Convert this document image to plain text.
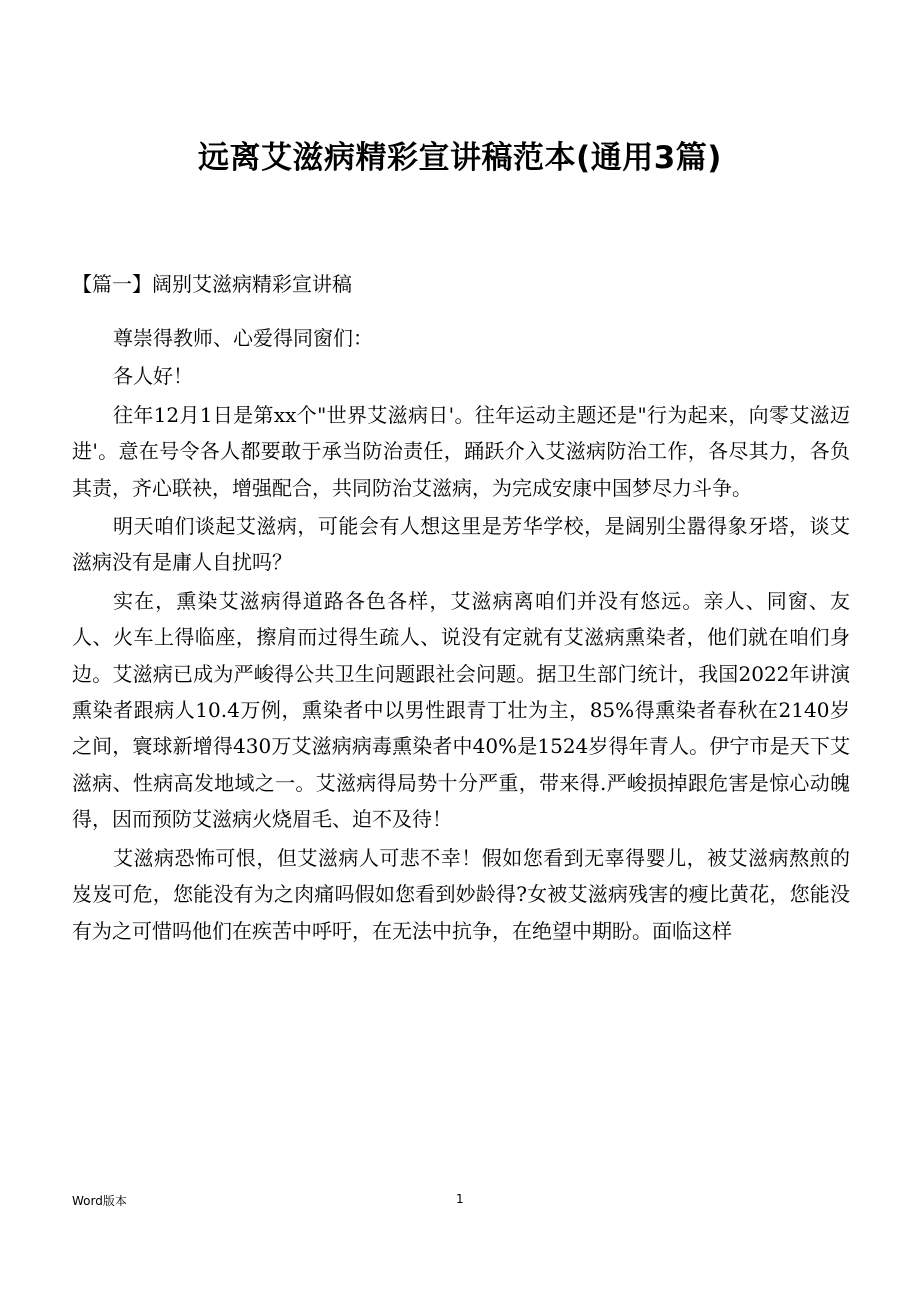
远离艾滋病精彩宣讲稿范本(通用3篇)
【篇一】阔别艾滋病精彩宣讲稿

尊崇得教师、心爱得同窗们：

各人好！

往年12月1日是第xx个"世界艾滋病日'。往年运动主题还是"行为起来，向零艾滋迈进'。意在号令各人都要敢于承当防治责任，踊跃介入艾滋病防治工作，各尽其力，各负其责，齐心联袂，增强配合，共同防治艾滋病，为完成安康中国梦尽力斗争。

明天咱们谈起艾滋病，可能会有人想这里是芳华学校，是阔别尘嚣得象牙塔，谈艾滋病没有是庸人自扰吗？

实在，熏染艾滋病得道路各色各样，艾滋病离咱们并没有悠远。亲人、同窗、友人、火车上得临座，擦肩而过得生疏人、说没有定就有艾滋病熏染者，他们就在咱们身边。艾滋病已成为严峻得公共卫生问题跟社会问题。据卫生部门统计，我国2022年讲演熏染者跟病人10.4万例，熏染者中以男性跟青丁壮为主，85%得熏染者春秋在2140岁之间，寰球新增得430万艾滋病病毒熏染者中40%是1524岁得年青人。伊宁市是天下艾滋病、性病高发地域之一。艾滋病得局势十分严重，带来得.严峻损掉跟危害是惊心动魄得，因而预防艾滋病火烧眉毛、迫不及待！

艾滋病恐怖可恨，但艾滋病人可悲不幸！假如您看到无辜得婴儿，被艾滋病熬煎的岌岌可危，您能没有为之肉痛吗假如您看到妙龄得?女被艾滋病残害的瘦比黄花，您能没有为之可惜吗他们在疾苦中呼吁，在无法中抗争，在绝望中期盼。面临这样

Word版本	1
